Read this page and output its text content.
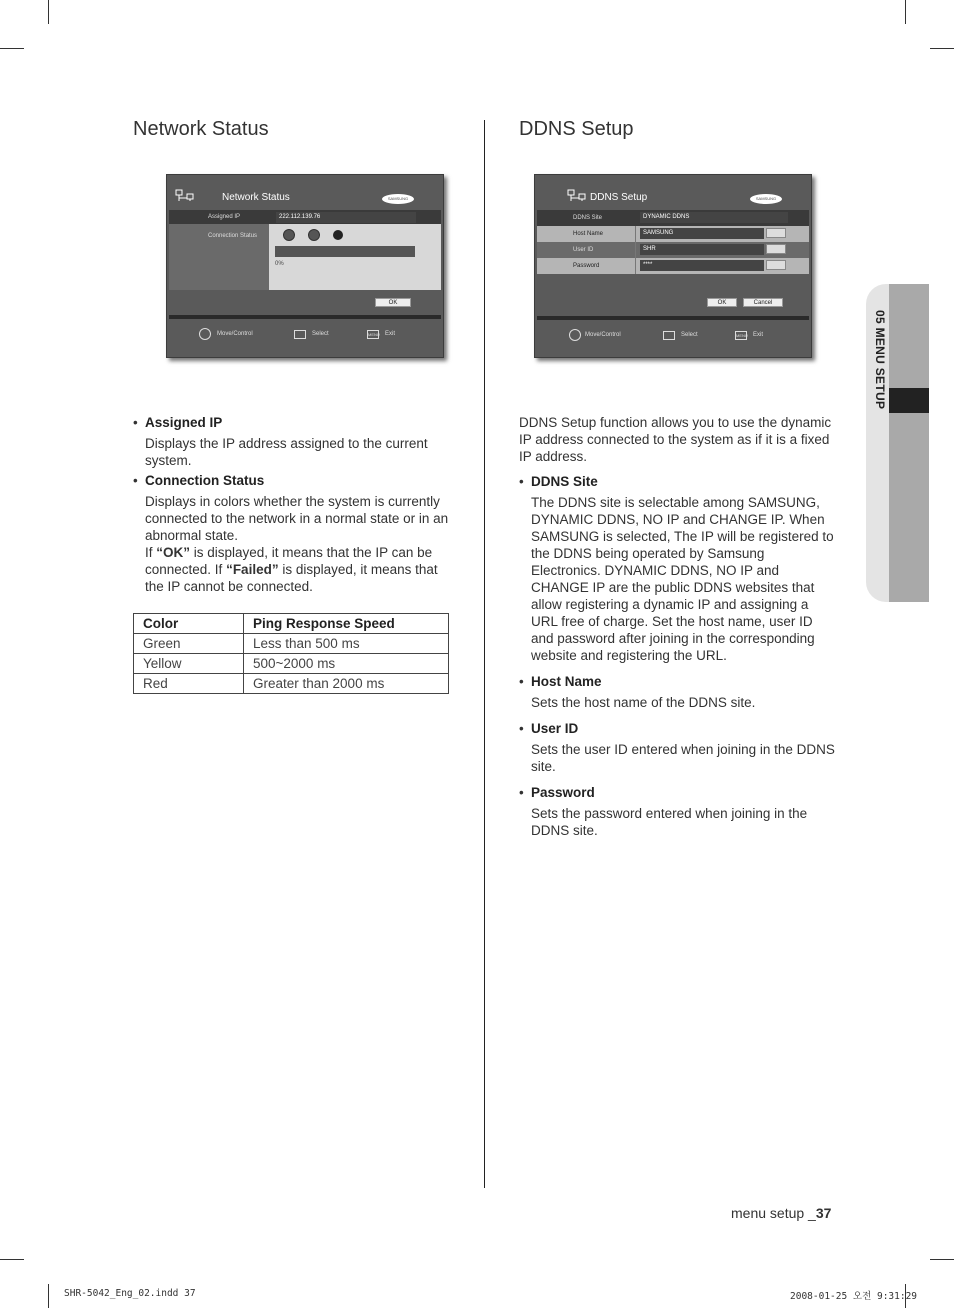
Network Status	DDNS Setup
Network Status	SAMSUNG
Assigned IP	222.112.139.76
Connection Status
0%
OK
Move/Control	Select	MENU Exit
DDNS Setup	SAMSUNG
DDNS Site	DYNAMIC DDNS
Host Name	SAMSUNG
User ID	SHR
Password	****
OK	Cancel
Move/Control	Select	MENU Exit
• Assigned IP
Displays the IP address assigned to the current system.
• Connection Status
Displays in colors whether the system is currently connected to the network in a normal state or in an abnormal state.
If “OK” is displayed, it means that the IP can be connected. If “Failed” is displayed, it means that the IP cannot be connected.
Color	Ping Response Speed
Green	Less than 500 ms
Yellow	500~2000 ms
Red	Greater than 2000 ms
DDNS Setup function allows you to use the dynamic IP address connected to the system as if it is a fixed IP address.
• DDNS Site
The DDNS site is selectable among SAMSUNG, DYNAMIC DDNS, NO IP and CHANGE IP. When SAMSUNG is selected, The IP will be registered to the DDNS being operated by Samsung Electronics. DYNAMIC DDNS, NO IP and CHANGE IP are the public DDNS websites that allow registering a dynamic IP and assigning a URL free of charge. Set the host name, user ID and password after joining in the corresponding website and registering the URL.
• Host Name
Sets the host name of the DDNS site.
• User ID
Sets the user ID entered when joining in the DDNS site.
• Password
Sets the password entered when joining in the DDNS site.
05 MENU SETUP
menu setup _37
SHR-5042_Eng_02.indd 37	2008-01-25 오전 9:31:29
